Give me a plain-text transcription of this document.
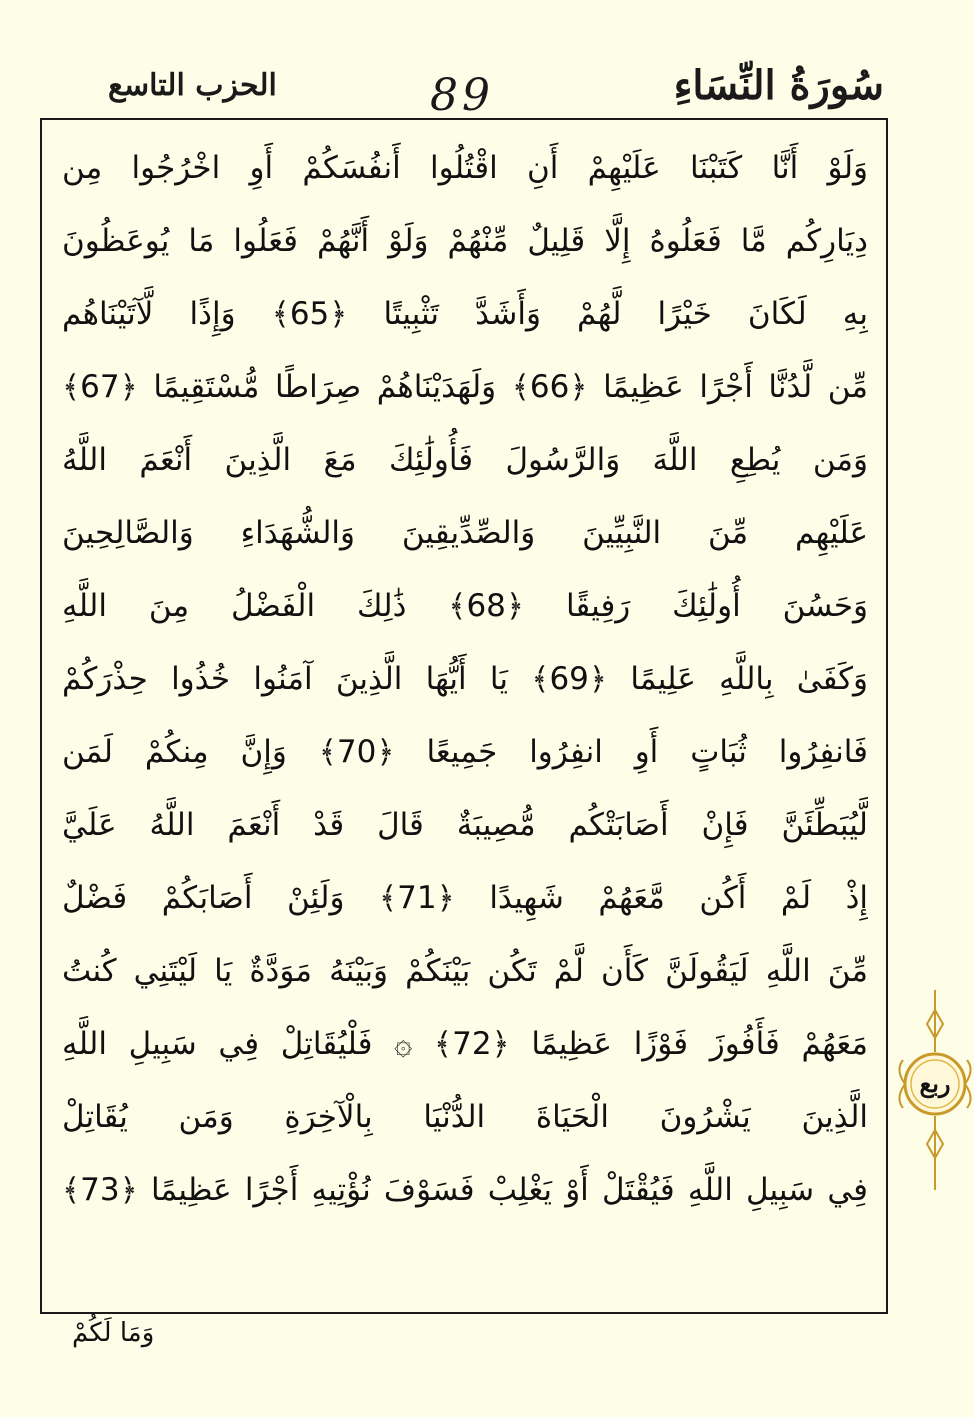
سُورَةُ النِّسَاءِ
89
الحزب التاسع
وَلَوْ أَنَّا كَتَبْنَا عَلَيْهِمْ أَنِ اقْتُلُوا أَنفُسَكُمْ أَوِ اخْرُجُوا مِن
دِيَارِكُم مَّا فَعَلُوهُ إِلَّا قَلِيلٌ مِّنْهُمْ وَلَوْ أَنَّهُمْ فَعَلُوا مَا يُوعَظُونَ
بِهِ لَكَانَ خَيْرًا لَّهُمْ وَأَشَدَّ تَثْبِيتًا ﴿65﴾ وَإِذًا لَّآتَيْنَاهُم
مِّن لَّدُنَّا أَجْرًا عَظِيمًا ﴿66﴾ وَلَهَدَيْنَاهُمْ صِرَاطًا مُّسْتَقِيمًا ﴿67﴾
وَمَن يُطِعِ اللَّهَ وَالرَّسُولَ فَأُولَٰئِكَ مَعَ الَّذِينَ أَنْعَمَ اللَّهُ
عَلَيْهِم مِّنَ النَّبِيِّينَ وَالصِّدِّيقِينَ وَالشُّهَدَاءِ وَالصَّالِحِينَ
وَحَسُنَ أُولَٰئِكَ رَفِيقًا ﴿68﴾ ذَٰلِكَ الْفَضْلُ مِنَ اللَّهِ
وَكَفَىٰ بِاللَّهِ عَلِيمًا ﴿69﴾ يَا أَيُّهَا الَّذِينَ آمَنُوا خُذُوا حِذْرَكُمْ
فَانفِرُوا ثُبَاتٍ أَوِ انفِرُوا جَمِيعًا ﴿70﴾ وَإِنَّ مِنكُمْ لَمَن
لَّيُبَطِّئَنَّ فَإِنْ أَصَابَتْكُم مُّصِيبَةٌ قَالَ قَدْ أَنْعَمَ اللَّهُ عَلَيَّ
إِذْ لَمْ أَكُن مَّعَهُمْ شَهِيدًا ﴿71﴾ وَلَئِنْ أَصَابَكُمْ فَضْلٌ
مِّنَ اللَّهِ لَيَقُولَنَّ كَأَن لَّمْ تَكُن بَيْنَكُمْ وَبَيْنَهُ مَوَدَّةٌ يَا لَيْتَنِي كُنتُ
مَعَهُمْ فَأَفُوزَ فَوْزًا عَظِيمًا ﴿72﴾ ۞ فَلْيُقَاتِلْ فِي سَبِيلِ اللَّهِ
الَّذِينَ يَشْرُونَ الْحَيَاةَ الدُّنْيَا بِالْآخِرَةِ وَمَن يُقَاتِلْ
فِي سَبِيلِ اللَّهِ فَيُقْتَلْ أَوْ يَغْلِبْ فَسَوْفَ نُؤْتِيهِ أَجْرًا عَظِيمًا ﴿73﴾
ربع
وَمَا لَكُمْ
